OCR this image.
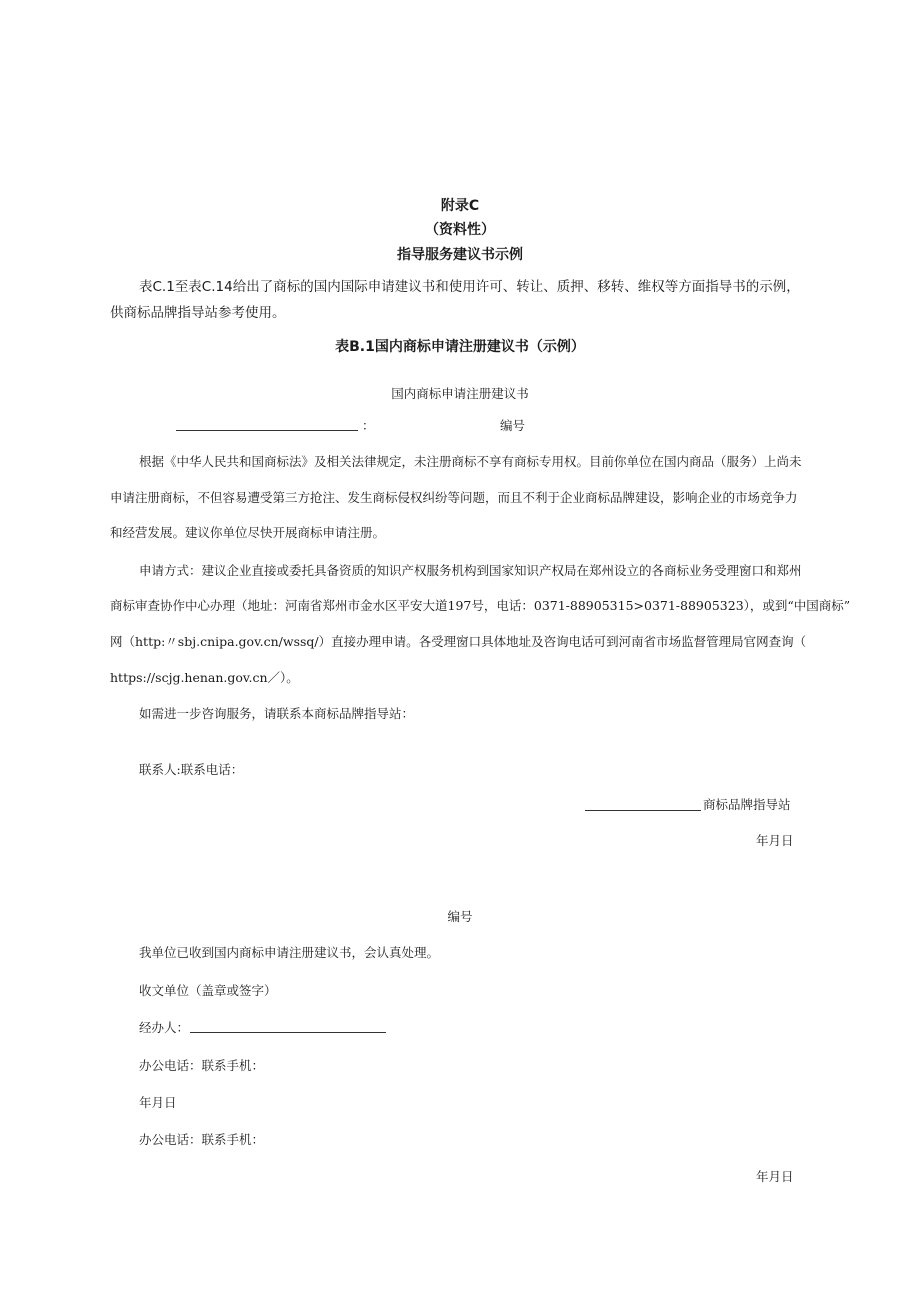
附录C
（资料性）
指导服务建议书示例
表C.1至表C.14给出了商标的国内国际申请建议书和使用许可、转让、质押、移转、维权等方面指导书的示例，
供商标品牌指导站参考使用。
表B.1国内商标申请注册建议书（示例）
国内商标申请注册建议书
：	编号
根据《中华人民共和国商标法》及相关法律规定，未注册商标不享有商标专用权。目前你单位在国内商品（服务）上尚未
申请注册商标，不但容易遭受第三方抢注、发生商标侵权纠纷等问题，而且不利于企业商标品牌建设，影响企业的市场竞争力
和经营发展。建议你单位尽快开展商标申请注册。
申请方式：建议企业直接或委托具备资质的知识产权服务机构到国家知识产权局在郑州设立的各商标业务受理窗口和郑州
商标审查协作中心办理（地址：河南省郑州市金水区平安大道197号，电话：0371-88905315>0371-88905323），或到“中国商标”
网（http:〃sbj.cnipa.gov.cn/wssq/）直接办理申请。各受理窗口具体地址及咨询电话可到河南省市场监督管理局官网查询（
https://scjg.henan.gov.cn／）。
如需进一步咨询服务，请联系本商标品牌指导站：
联系人:联系电话：
商标品牌指导站
年月日
编号
我单位已收到国内商标申请注册建议书，会认真处理。
收文单位（盖章或签字）
经办人：
办公电话：联系手机：
年月日
办公电话：联系手机：
年月日
